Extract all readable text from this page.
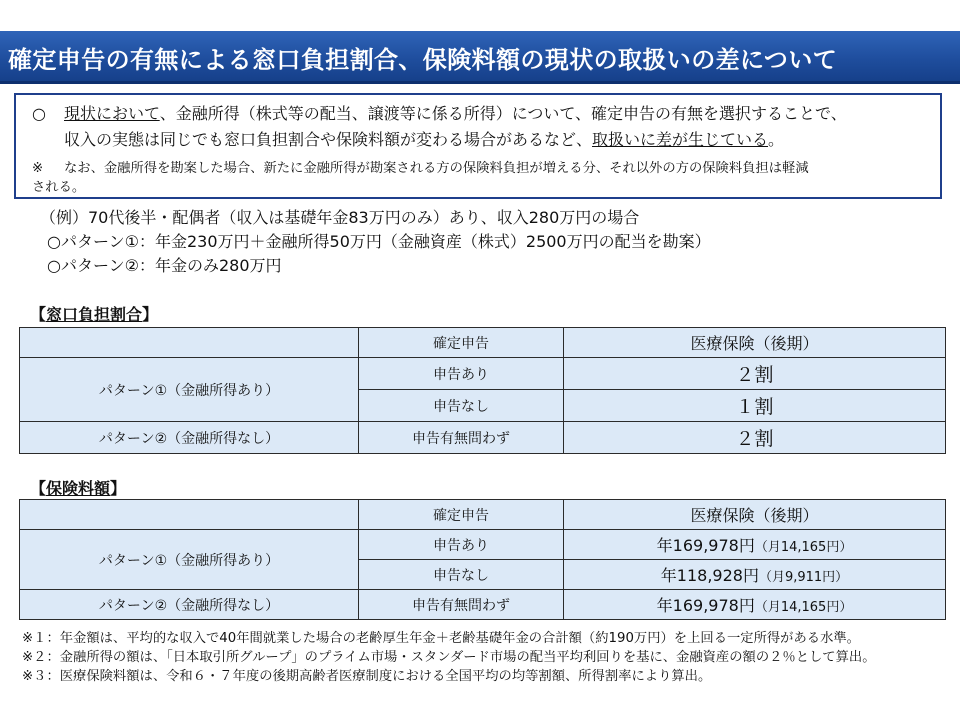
確定申告の有無による窓口負担割合、保険料額の現状の取扱いの差について
○ 現状において、金融所得（株式等の配当、譲渡等に係る所得）について、確定申告の有無を選択することで、
収入の実態は同じでも窓口負担割合や保険料額が変わる場合があるなど、取扱いに差が生じている。
※ なお、金融所得を勘案した場合、新たに金融所得が勘案される方の保険料負担が増える分、それ以外の方の保険料負担は軽減
される。
（例）70代後半・配偶者（収入は基礎年金83万円のみ）あり、収入280万円の場合
○パターン①：年金230万円＋金融所得50万円（金融資産（株式）2500万円の配当を勘案）
○パターン②：年金のみ280万円
【窓口負担割合】
	確定申告	医療保険（後期）
パターン①（金融所得あり）	申告あり	２割
	申告なし	１割
パターン②（金融所得なし）	申告有無問わず	２割
【保険料額】
	確定申告	医療保険（後期）
パターン①（金融所得あり）	申告あり	年169,978円（月14,165円）
	申告なし	年118,928円（月9,911円）
パターン②（金融所得なし）	申告有無問わず	年169,978円（月14,165円）
※１：年金額は、平均的な収入で40年間就業した場合の老齢厚生年金＋老齢基礎年金の合計額（約190万円）を上回る一定所得がある水準。
※２：金融所得の額は、「日本取引所グループ」のプライム市場・スタンダード市場の配当平均利回りを基に、金融資産の額の２％として算出。
※３：医療保険料額は、令和６・７年度の後期高齢者医療制度における全国平均の均等割額、所得割率により算出。
